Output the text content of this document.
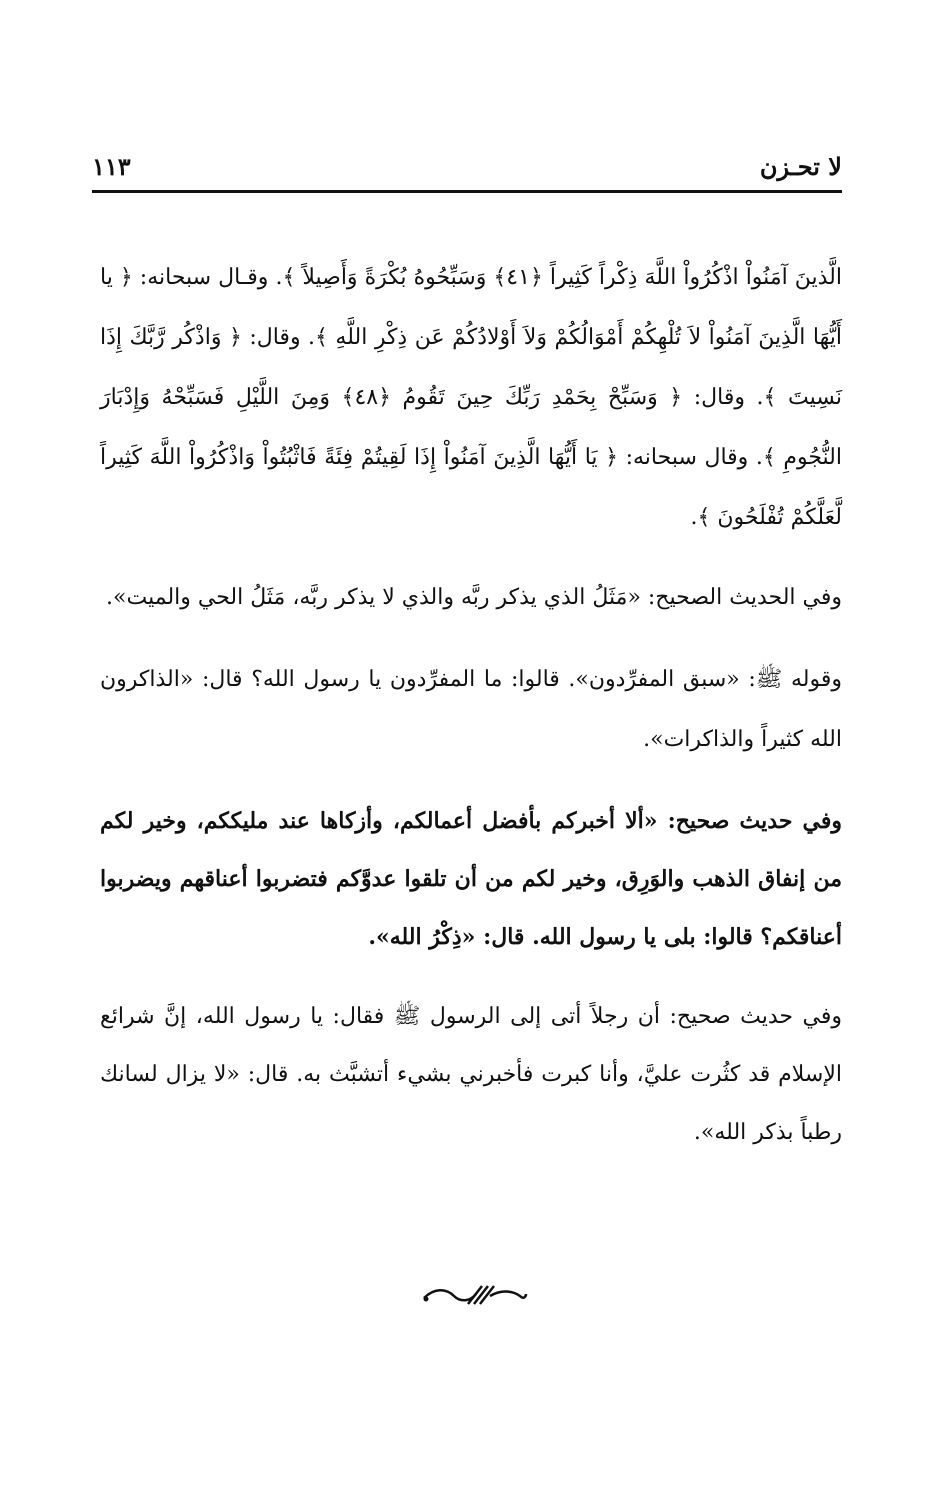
لا تحـزن
١١٣

الَّذينَ آمَنُواْ اذْكُرُواْ اللَّهَ ذِكْراً كَثِيراً ﴿٤١﴾ وَسَبِّحُوهُ بُكْرَةً وَأَصِيلاً ﴾. وقـال سبحانه: ﴿ يا أَيُّهَا الَّذِينَ آمَنُواْ لاَ تُلْهِكُمْ أَمْوَالُكُمْ وَلاَ أَوْلادُكُمْ عَن ذِكْرِ اللَّهِ ﴾. وقال: ﴿ وَاذْكُر رَّبَّكَ إِذَا نَسِيتَ ﴾. وقال: ﴿ وَسَبِّحْ بِحَمْدِ رَبِّكَ حِينَ تَقُومُ ﴿٤٨﴾ وَمِنَ اللَّيْلِ فَسَبِّحْهُ وَإِدْبَارَ النُّجُومِ ﴾. وقال سبحانه: ﴿ يَا أَيُّهَا الَّذِينَ آمَنُواْ إِذَا لَقِيتُمْ فِئَةً فَاثْبُتُواْ وَاذْكُرُواْ اللَّهَ كَثِيراً لَّعَلَّكُمْ تُفْلَحُونَ ﴾.

وفي الحديث الصحيح: «مَثَلُ الذي يذكر ربَّه والذي لا يذكر ربَّه، مَثَلُ الحي والميت».

وقوله ﷺ: «سبق المفرِّدون». قالوا: ما المفرِّدون يا رسول الله؟ قال: «الذاكرون الله كثيراً والذاكرات».

وفي حديث صحيح: «ألا أخبركم بأفضل أعمالكم، وأزكاها عند مليككم، وخير لكم من إنفاق الذهب والوَرِق، وخير لكم من أن تلقوا عدوَّكم فتضربوا أعناقهم ويضربوا أعناقكم؟ قالوا: بلى يا رسول الله. قال: «ذِكْرُ الله».

وفي حديث صحيح: أن رجلاً أتى إلى الرسول ﷺ فقال: يا رسول الله، إنَّ شرائع الإسلام قد كثُرت عليَّ، وأنا كبرت فأخبرني بشيء أتشبَّث به. قال: «لا يزال لسانك رطباً بذكر الله».
